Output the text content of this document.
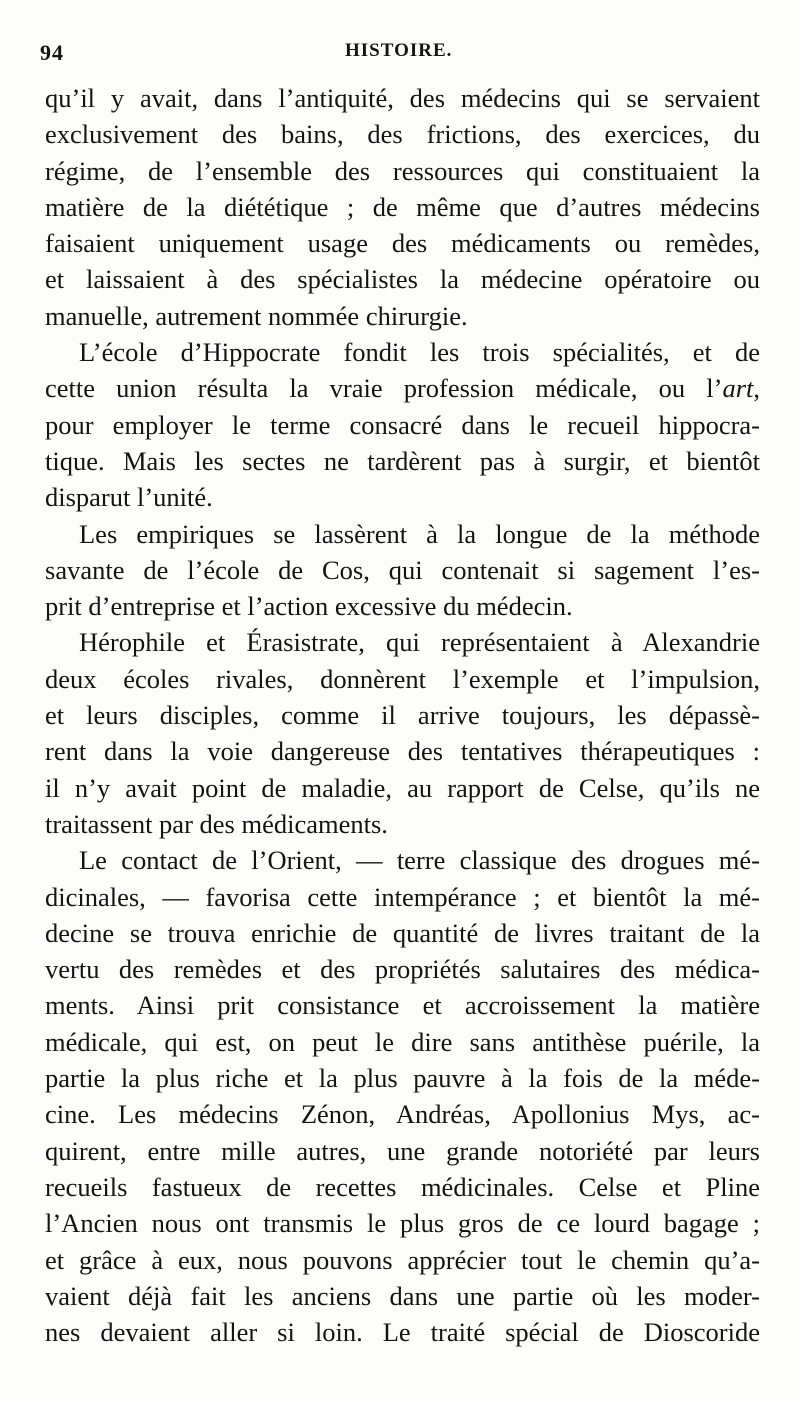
94	HISTOIRE.
qu’il y avait, dans l’antiquité, des médecins qui se servaient
exclusivement des bains, des frictions, des exercices, du
régime, de l’ensemble des ressources qui constituaient la
matière de la diététique ; de même que d’autres médecins
faisaient uniquement usage des médicaments ou remèdes,
et laissaient à des spécialistes la médecine opératoire ou
manuelle, autrement nommée chirurgie.
L’école d’Hippocrate fondit les trois spécialités, et de
cette union résulta la vraie profession médicale, ou l’art,
pour employer le terme consacré dans le recueil hippocra-
tique. Mais les sectes ne tardèrent pas à surgir, et bientôt
disparut l’unité.
Les empiriques se lassèrent à la longue de la méthode
savante de l’école de Cos, qui contenait si sagement l’es-
prit d’entreprise et l’action excessive du médecin.
Hérophile et Érasistrate, qui représentaient à Alexandrie
deux écoles rivales, donnèrent l’exemple et l’impulsion,
et leurs disciples, comme il arrive toujours, les dépassè-
rent dans la voie dangereuse des tentatives thérapeutiques :
il n’y avait point de maladie, au rapport de Celse, qu’ils ne
traitassent par des médicaments.
Le contact de l’Orient, — terre classique des drogues mé-
dicinales, — favorisa cette intempérance ; et bientôt la mé-
decine se trouva enrichie de quantité de livres traitant de la
vertu des remèdes et des propriétés salutaires des médica-
ments. Ainsi prit consistance et accroissement la matière
médicale, qui est, on peut le dire sans antithèse puérile, la
partie la plus riche et la plus pauvre à la fois de la méde-
cine. Les médecins Zénon, Andréas, Apollonius Mys, ac-
quirent, entre mille autres, une grande notoriété par leurs
recueils fastueux de recettes médicinales. Celse et Pline
l’Ancien nous ont transmis le plus gros de ce lourd bagage ;
et grâce à eux, nous pouvons apprécier tout le chemin qu’a-
vaient déjà fait les anciens dans une partie où les moder-
nes devaient aller si loin. Le traité spécial de Dioscoride
